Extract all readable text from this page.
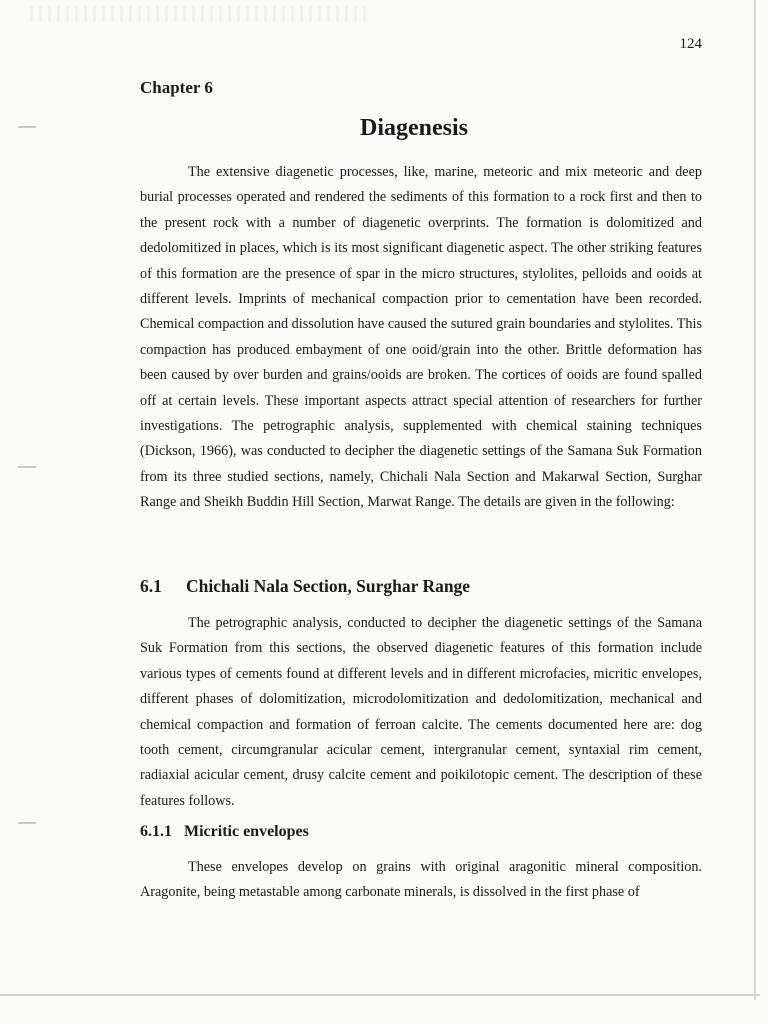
124
Chapter 6
Diagenesis

The extensive diagenetic processes, like, marine, meteoric and mix meteoric and deep burial processes operated and rendered the sediments of this formation to a rock first and then to the present rock with a number of diagenetic overprints. The formation is dolomitized and dedolomitized in places, which is its most significant diagenetic aspect. The other striking features of this formation are the presence of spar in the micro structures, stylolites, pelloids and ooids at different levels. Imprints of mechanical compaction prior to cementation have been recorded. Chemical compaction and dissolution have caused the sutured grain boundaries and stylolites. This compaction has produced embayment of one ooid/grain into the other. Brittle deformation has been caused by over burden and grains/ooids are broken. The cortices of ooids are found spalled off at certain levels. These important aspects attract special attention of researchers for further investigations. The petrographic analysis, supplemented with chemical staining techniques (Dickson, 1966), was conducted to decipher the diagenetic settings of the Samana Suk Formation from its three studied sections, namely, Chichali Nala Section and Makarwal Section, Surghar Range and Sheikh Buddin Hill Section, Marwat Range. The details are given in the following:

6.1 Chichali Nala Section, Surghar Range

The petrographic analysis, conducted to decipher the diagenetic settings of the Samana Suk Formation from this sections, the observed diagenetic features of this formation include various types of cements found at different levels and in different microfacies, micritic envelopes, different phases of dolomitization, microdolomitization and dedolomitization, mechanical and chemical compaction and formation of ferroan calcite. The cements documented here are: dog tooth cement, circumgranular acicular cement, intergranular cement, syntaxial rim cement, radiaxial acicular cement, drusy calcite cement and poikilotopic cement. The description of these features follows.

6.1.1 Micritic envelopes

These envelopes develop on grains with original aragonitic mineral composition. Aragonite, being metastable among carbonate minerals, is dissolved in the first phase of
